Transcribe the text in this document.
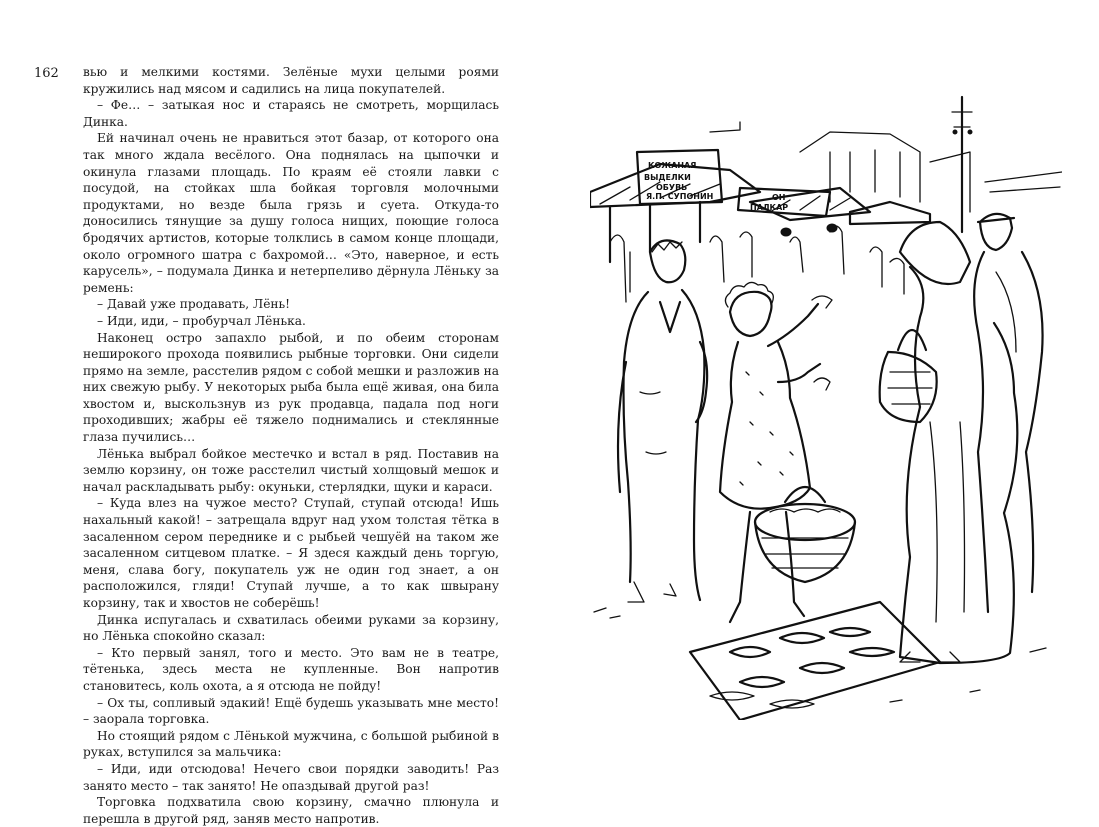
162 вью и мелкими костями. Зелёные мухи целыми роями кружились над мясом и садились на лица покупателей.

– Фе… – затыкая нос и стараясь не смотреть, морщилась Динка.

Ей начинал очень не нравиться этот базар, от которого она так много ждала весёлого. Она поднялась на цыпочки и окинула глазами площадь. По краям её стояли лавки с посудой, на стойках шла бойкая торговля молочными продуктами, но везде была грязь и суета. Откуда-то доносились тянущие за душу голоса нищих, поющие голоса бродячих артистов, которые толклись в самом конце площади, около огромного шатра с бахромой… «Это, наверное, и есть карусель», – подумала Динка и нетерпеливо дёрнула Лёньку за ремень:

– Давай уже продавать, Лёнь!

– Иди, иди, – пробурчал Лёнька.

Наконец остро запахло рыбой, и по обеим сторонам неширокого прохода появились рыбные торговки. Они сидели прямо на земле, расстелив рядом с собой мешки и разложив на них свежую рыбу. У некоторых рыба была ещё живая, она била хвостом и, выскользнув из рук продавца, падала под ноги проходивших; жабры её тяжело поднимались и стеклянные глаза пучились…

Лёнька выбрал бойкое местечко и встал в ряд. Поставив на землю корзину, он тоже расстелил чистый холщовый мешок и начал раскладывать рыбу: окуньки, стерлядки, щуки и караси.

– Куда влез на чужое место? Ступай, ступай отсюда! Ишь нахальный какой! – затрещала вдруг над ухом толстая тётка в засаленном сером переднике и с рыбьей чешуёй на таком же засаленном ситцевом платке. – Я здеся каждый день торгую, меня, слава богу, покупатель уж не один год знает, а он расположился, гляди! Ступай лучше, а то как швырану корзину, так и хвостов не соберёшь!

Динка испугалась и схватилась обеими руками за корзину, но Лёнька спокойно сказал:

– Кто первый занял, того и место. Это вам не в театре, тётенька, здесь места не купленные. Вон напротив становитесь, коль охота, а я отсюда не пойду!

– Ох ты, сопливый эдакий! Ещё будешь указывать мне место! – заорала торговка.

Но стоящий рядом с Лёнькой мужчина, с большой рыбиной в руках, вступился за мальчика:

– Иди, иди отсюдова! Нечего свои порядки заводить! Раз занято место – так занято! Не опаздывай другой раз!

Торговка подхватила свою корзину, смачно плюнула и перешла в другой ряд, заняв место напротив.

КОЖАНАЯ
ВЫДЕЛКИ
ОБУВЬ
Я.П. СУПОНИН	ОН
ПАЛКАР
